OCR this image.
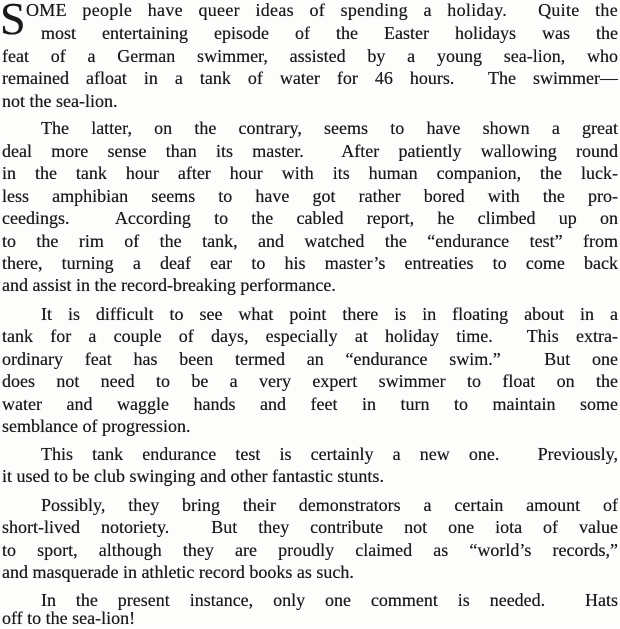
S

OME people have queer ideas of spending a holiday.  Quite the

most entertaining episode of the Easter holidays was the
feat of a German swimmer, assisted by a young sea-lion, who
remained afloat in a tank of water for 46 hours.  The swimmer—
not the sea-lion.
The latter, on the contrary, seems to have shown a great
deal more sense than its master.  After patiently wallowing round
in the tank hour after hour with its human companion, the luck-
less amphibian seems to have got rather bored with the pro-
ceedings.  According to the cabled report, he climbed up on
to the rim of the tank, and watched the “endurance test” from
there, turning a deaf ear to his master’s entreaties to come back
and assist in the record-breaking performance.
It is difficult to see what point there is in floating about in a
tank for a couple of days, especially at holiday time.  This extra-
ordinary feat has been termed an “endurance swim.”  But one
does not need to be a very expert swimmer to float on the
water and waggle hands and feet in turn to maintain some
semblance of progression.
This tank endurance test is certainly a new one.  Previously,
it used to be club swinging and other fantastic stunts.
Possibly, they bring their demonstrators a certain amount of
short-lived notoriety.  But they contribute not one iota of value
to sport, although they are proudly claimed as “world’s records,”
and masquerade in athletic record books as such.
In the present instance, only one comment is needed.  Hats
off to the sea-lion!
